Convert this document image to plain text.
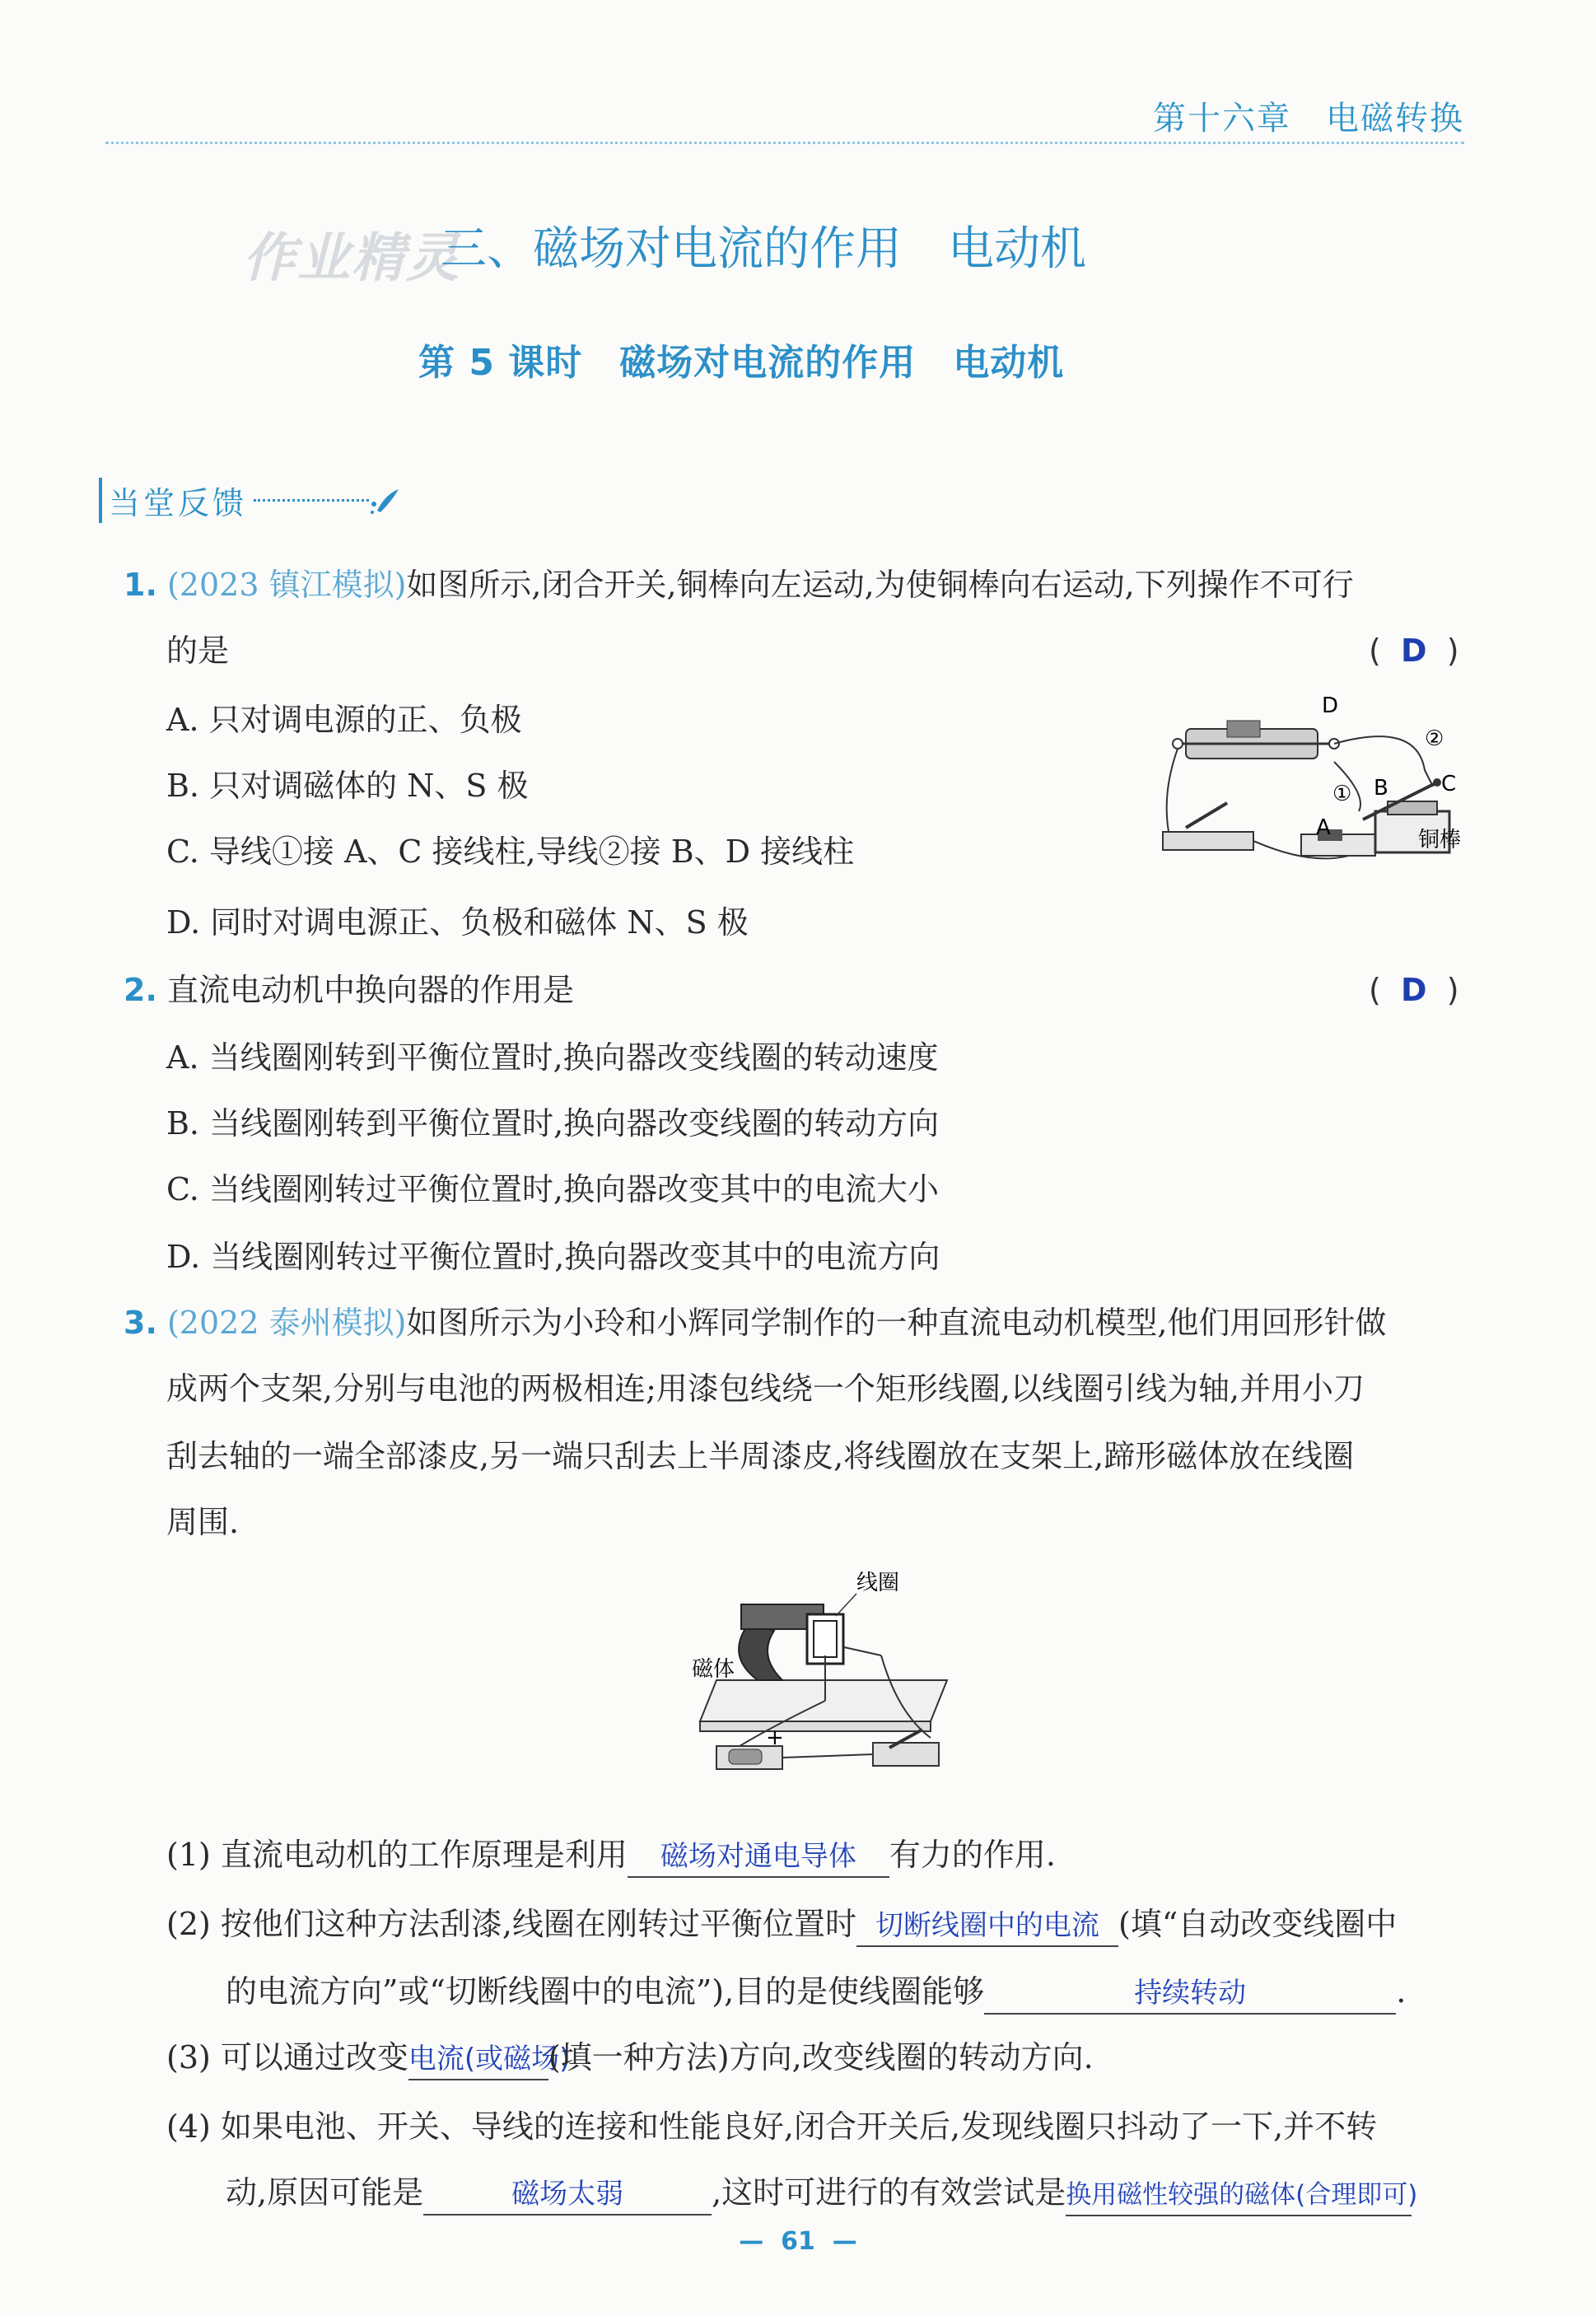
第十六章　电磁转换
作业精灵
三、磁场对电流的作用　电动机
第 5 课时　磁场对电流的作用　电动机
当堂反馈
1. (2023 镇江模拟)如图所示,闭合开关,铜棒向左运动,为使铜棒向右运动,下列操作不可行
的是	(  D  )
A. 只对调电源的正、负极
B. 只对调磁体的 N、S 极
C. 导线①接 A、C 接线柱,导线②接 B、D 接线柱
D. 同时对调电源正、负极和磁体 N、S 极
D
②
C
① B
A	铜棒
2. 直流电动机中换向器的作用是	(  D  )
A. 当线圈刚转到平衡位置时,换向器改变线圈的转动速度
B. 当线圈刚转到平衡位置时,换向器改变线圈的转动方向
C. 当线圈刚转过平衡位置时,换向器改变其中的电流大小
D. 当线圈刚转过平衡位置时,换向器改变其中的电流方向
3. (2022 泰州模拟)如图所示为小玲和小辉同学制作的一种直流电动机模型,他们用回形针做
成两个支架,分别与电池的两极相连;用漆包线绕一个矩形线圈,以线圈引线为轴,并用小刀
刮去轴的一端全部漆皮,另一端只刮去上半周漆皮,将线圈放在支架上,蹄形磁体放在线圈
周围.
线圈
磁体
+
(1) 直流电动机的工作原理是利用 磁场对通电导体 有力的作用.
(2) 按他们这种方法刮漆,线圈在刚转过平衡位置时 切断线圈中的电流 (填“自动改变线圈中
的电流方向”或“切断线圈中的电流”),目的是使线圈能够	持续转动	.
(3) 可以通过改变电流(或磁场)(填一种方法)方向,改变线圈的转动方向.
(4) 如果电池、开关、导线的连接和性能良好,闭合开关后,发现线圈只抖动了一下,并不转
动,原因可能是	磁场太弱	,这时可进行的有效尝试是换用磁性较强的磁体(合理即可)
—  61  —
